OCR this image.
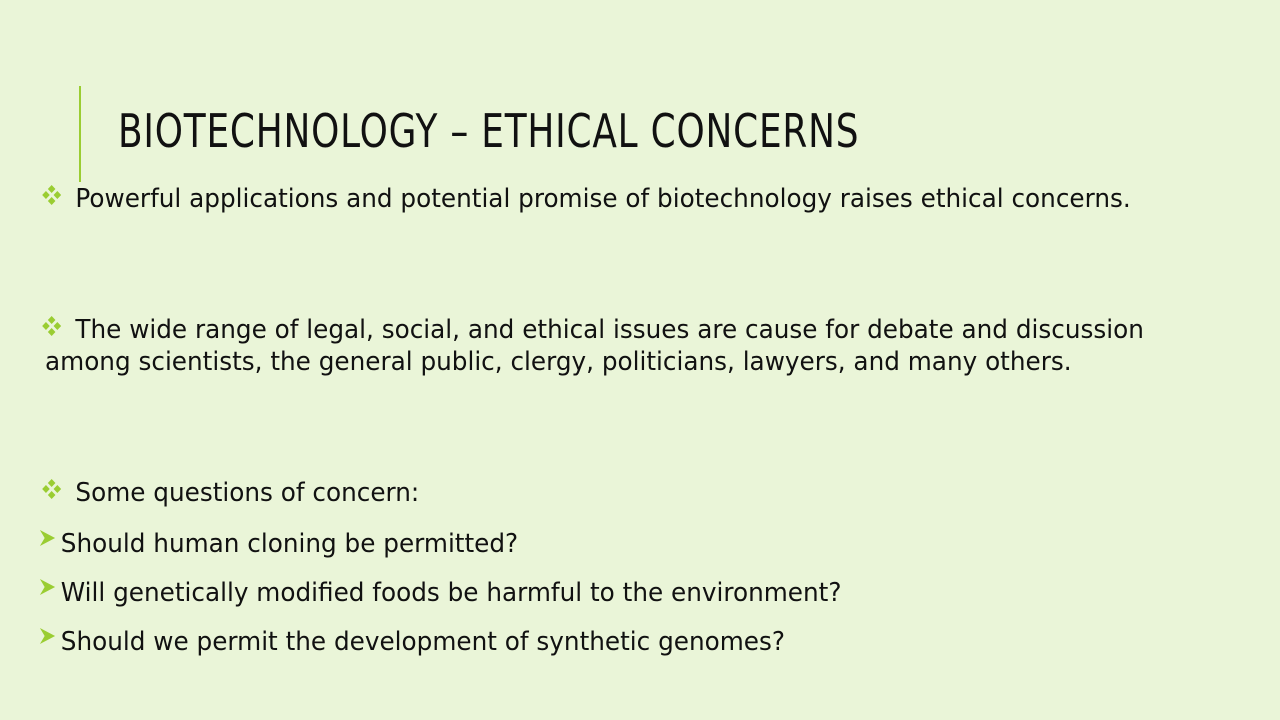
BIOTECHNOLOGY – ETHICAL CONCERNS

Powerful applications and potential promise of biotechnology raises ethical concerns.

The wide range of legal, social, and ethical issues are cause for debate and discussion among scientists, the general public, clergy, politicians, lawyers, and many others.

Some questions of concern:

Should human cloning be permitted?

Will genetically modified foods be harmful to the environment?

Should we permit the development of synthetic genomes?
